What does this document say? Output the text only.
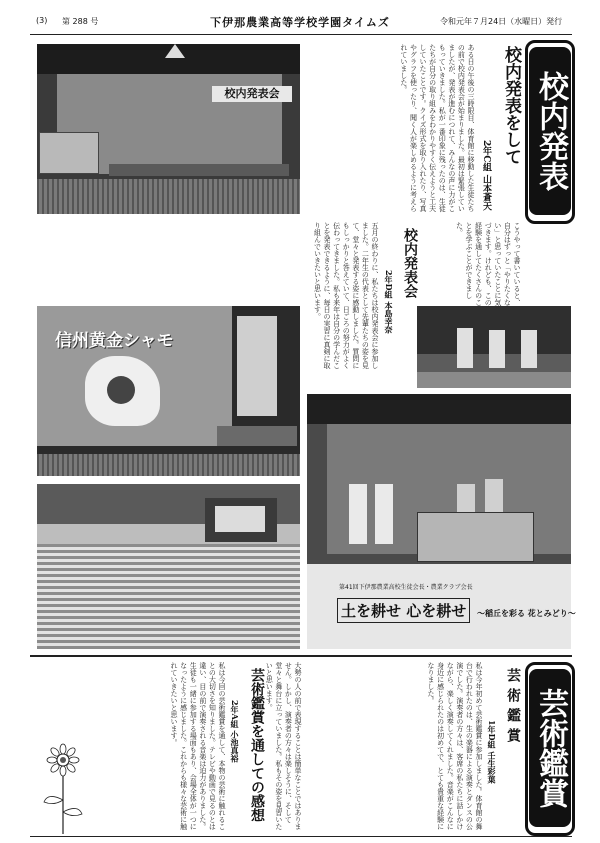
(3) 第 288 号	下伊那農業高等学校学園タイムズ	令和元年７月24日（水曜日）発行
校内発表
校内発表をして
2年C組 山本蒼天
ある日の午後の三時限目、体育館に移動した生徒たちの前で校内発表会が始まりました。最初は緊張していましたが、発表が進むにつれて、みんなの声に力がこもっていきました。私が一番印象に残ったのは、生徒たちが自分の取り組みをわかりやすく伝えようと工夫していたことです。クイズ形式を取り入れたり、写真やグラフを使ったり、聞く人が楽しめるように考えられていました。
校内発表会
こうやって書いていると、自分はずっと「やりたくない」と思っていたことに気づきます。けれども、この経験を通してたくさんのことを学ぶことができました。
校内発表会
2年D組 本島幸奈
五月の終わりに、私たちは校内発表会に参加しました。二年生の代表として先輩たちの姿を見て、堂々と発表する姿に感動しました。質問にもしっかりと答えていて、日ごろの努力がよく伝わってきました。私も来年は自分の学んだことを発表できるように、毎日の実習に真剣に取り組んでいきたいと思います。
信州黄金シャモ
第41回下伊那農業高校生徒会長・農業クラブ会長
土を耕せ 心を耕せ	〜稲丘を彩る 花とみどり〜
芸術鑑賞
芸術鑑賞
1年D組 壬生彩葉
私は今年初めて芸術鑑賞に参加しました。体育館の舞台で行われたのは、生の楽器による演奏とダンスの公演でした。演奏者の方々は、客席の私たちに話しかけながら、楽しく演奏してくれました。音楽がこんなに身近に感じられたのは初めてで、とても貴重な経験になりました。
大勢の人の前で表現することは簡単なことではありません。しかし、演奏者の方々は楽しそうに、そして堂々と舞台に立っていました。私もその姿を見習いたいと思います。
芸術鑑賞を通しての感想
2年A組 小池真裕
私は今回の芸術鑑賞を通して、本物の芸術に触れることの大切さを知りました。テレビや動画で見るのとは違い、目の前で演奏される音楽は迫力がありました。生徒も一緒に参加する場面もあり、会場全体が一つになったように感じました。これからも様々な芸術に触れていきたいと思います。
